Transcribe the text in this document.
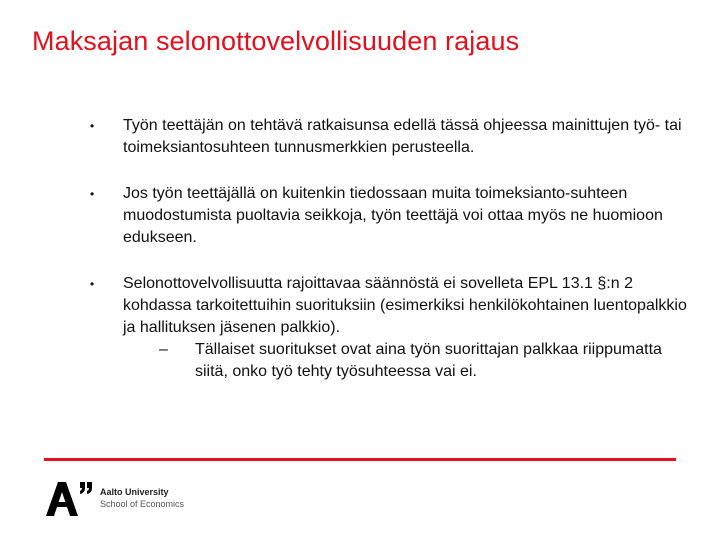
Maksajan selonottovelvollisuuden rajaus
• Työn teettäjän on tehtävä ratkaisunsa edellä tässä ohjeessa mainittujen työ- tai toimeksiantosuhteen tunnusmerkkien perusteella.
• Jos työn teettäjällä on kuitenkin tiedossaan muita toimeksianto-suhteen muodostumista puoltavia seikkoja, työn teettäjä voi ottaa myös ne huomioon edukseen.
• Selonottovelvollisuutta rajoittavaa säännöstä ei sovelleta EPL 13.1 §:n 2 kohdassa tarkoitettuihin suorituksiin (esimerkiksi henkilökohtainen luentopalkkio ja hallituksen jäsenen palkkio).
– Tällaiset suoritukset ovat aina työn suorittajan palkkaa riippumatta siitä, onko työ tehty työsuhteessa vai ei.
Aalto University
School of Economics
